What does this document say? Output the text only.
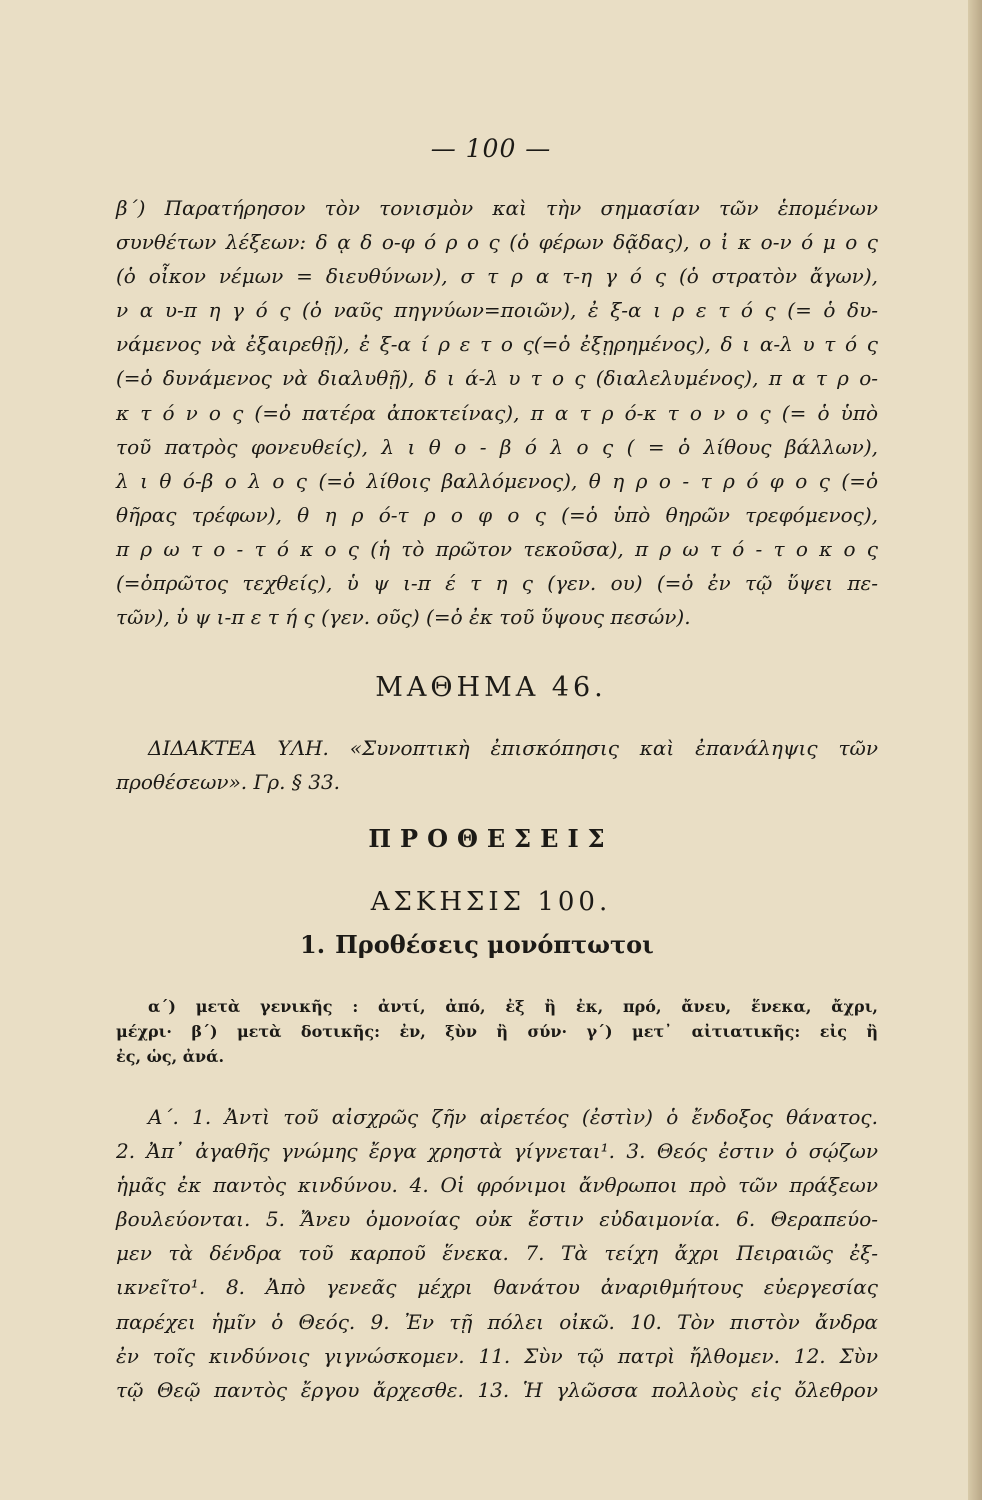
— 100 —
β΄) Παρατήρησον τὸν τονισμὸν καὶ τὴν σημασίαν τῶν ἑπομένων
συνθέτων λέξεων: δ ᾳ δ ο-φ ό ρ ο ς (ὁ φέρων δᾷδας), ο ἰ κ ο-ν ό μ ο ς
(ὁ οἶκον νέμων = διευθύνων), σ τ ρ α τ-η γ ό ς (ὁ στρατὸν ἄγων),
ν α υ-π η γ ό ς (ὁ ναῦς πηγνύων=ποιῶν), ἐ ξ-α ι ρ ε τ ό ς (= ὁ δυ-
νάμενος νὰ ἐξαιρεθῇ), ἐ ξ-α ί ρ ε τ ο ς(=ὁ ἐξῃρημένος), δ ι α-λ υ τ ό ς
(=ὁ δυνάμενος νὰ διαλυθῇ), δ ι ά-λ υ τ ο ς (διαλελυμένος), π α τ ρ ο-
κ τ ό ν ο ς (=ὁ πατέρα ἀποκτείνας), π α τ ρ ό-κ τ ο ν ο ς (= ὁ ὑπὸ
τοῦ πατρὸς φονευθείς), λ ι θ ο - β ό λ ο ς ( = ὁ λίθους βάλλων),
λ ι θ ό-β ο λ ο ς (=ὁ λίθοις βαλλόμενος), θ η ρ ο - τ ρ ό φ ο ς (=ὁ
θῆρας τρέφων), θ η ρ ό-τ ρ ο φ ο ς (=ὁ ὑπὸ θηρῶν τρεφόμενος),
π ρ ω τ ο - τ ό κ ο ς (ἡ τὸ πρῶτον τεκοῦσα), π ρ ω τ ό - τ ο κ ο ς
(=ὁπρῶτος τεχθείς), ὑ ψ ι-π έ τ η ς (γεν. ου) (=ὁ ἐν τῷ ὕψει πε-
τῶν), ὑ ψ ι-π ε τ ή ς (γεν. οῦς) (=ὁ ἐκ τοῦ ὕψους πεσών).
ΜΑΘΗΜΑ 46.
ΔΙΔΑΚΤΕΑ ΥΛΗ. «Συνοπτικὴ ἐπισκόπησις καὶ ἐπανάληψις τῶν
προθέσεων». Γρ. § 33.
ΠΡΟΘΕΣΕΙΣ
ΑΣΚΗΣΙΣ 100.
1. Προθέσεις μονόπτωτοι
α΄) μετὰ γενικῆς : ἀντί, ἀπό, ἐξ ἢ ἐκ, πρό, ἄνευ, ἕνεκα, ἄχρι,
μέχρι· β΄) μετὰ δοτικῆς: ἐν, ξὺν ἢ σύν· γ΄) μετ᾿ αἰτιατικῆς: εἰς ἢ
ἐς, ὡς, ἀνά.
Α΄. 1. Ἀντὶ τοῦ αἰσχρῶς ζῆν αἱρετέος (ἐστὶν) ὁ ἔνδοξος θάνατος.
2. Ἀπ᾿ ἀγαθῆς γνώμης ἔργα χρηστὰ γίγνεται¹. 3. Θεός ἐστιν ὁ σῴζων
ἡμᾶς ἐκ παντὸς κινδύνου. 4. Οἱ φρόνιμοι ἄνθρωποι πρὸ τῶν πράξεων
βουλεύονται. 5. Ἄνευ ὁμονοίας οὐκ ἔστιν εὐδαιμονία. 6. Θεραπεύο-
μεν τὰ δένδρα τοῦ καρποῦ ἕνεκα. 7. Τὰ τείχη ἄχρι Πειραιῶς ἐξ-
ικνεῖτο¹. 8. Ἀπὸ γενεᾶς μέχρι θανάτου ἀναριθμήτους εὐεργεσίας
παρέχει ἡμῖν ὁ Θεός. 9. Ἐν τῇ πόλει οἰκῶ. 10. Τὸν πιστὸν ἄνδρα
ἐν τοῖς κινδύνοις γιγνώσκομεν. 11. Σὺν τῷ πατρὶ ἤλθομεν. 12. Σὺν
τῷ Θεῷ παντὸς ἔργου ἄρχεσθε. 13. Ἡ γλῶσσα πολλοὺς εἰς ὄλεθρον
